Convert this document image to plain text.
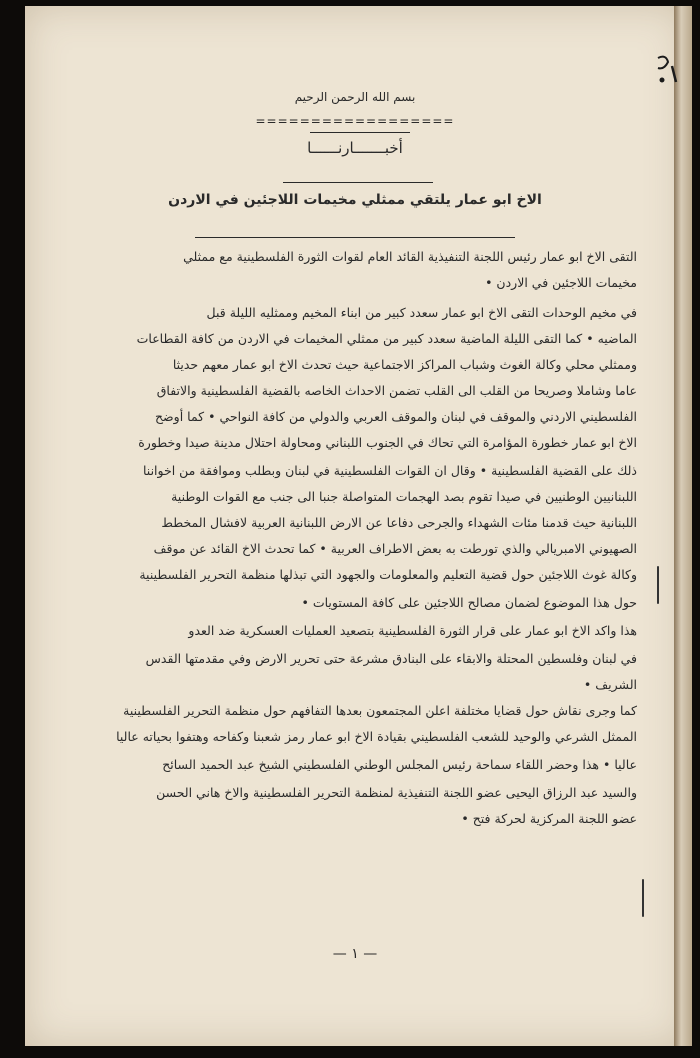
بسم الله الرحمن الرحيم
==================
أخبـــــــارنــــــا
الاخ ابو عمار يلتقي ممثلي مخيمات اللاجئين في الاردن
التقى الاخ ابو عمار رئيس اللجنة التنفيذية القائد العام لقوات الثورة الفلسطينية مع ممثلي
مخيمات اللاجئين في الاردن •
في مخيم الوحدات التقى الاخ ابو عمار سعدد كبير من ابناء المخيم وممثليه الليلة قبل
الماضيه • كما التقى الليلة الماضية سعدد كبير من ممثلي المخيمات في الاردن من كافة القطاعات
وممثلي محلي وكالة الغوث وشباب المراكز الاجتماعية حيث تحدث الاخ ابو عمار معهم حديثا
عاما وشاملا وصريحا من القلب الى القلب تضمن الاحداث الخاصه بالقضية الفلسطينية والاتفاق
الفلسطيني الاردني والموقف في لبنان والموقف العربي والدولي من كافة النواحي • كما أوضح
الاخ ابو عمار خطورة المؤامرة التي تحاك في الجنوب اللبناني ومحاولة احتلال مدينة صيدا وخطورة
ذلك على القضية الفلسطينية • وقال ان القوات الفلسطينية في لبنان وبطلب وموافقة من اخواننا
اللبنانيين الوطنيين في صيدا تقوم بصد الهجمات المتواصلة جنبا الى جنب مع القوات الوطنية
اللبنانية حيث قدمنا مئات الشهداء والجرحى دفاعا عن الارض اللبنانية العربية لافشال المخطط
الصهيوني الامبريالي والذي تورطت به بعض الاطراف العربية • كما تحدث الاخ القائد عن موقف
وكالة غوث اللاجئين حول قضية التعليم والمعلومات والجهود التي تبذلها منظمة التحرير الفلسطينية
حول هذا الموضوع لضمان مصالح اللاجئين على كافة المستويات •
هذا واكد الاخ ابو عمار على قرار الثورة الفلسطينية بتصعيد العمليات العسكرية ضد العدو
في لبنان وفلسطين المحتلة والابقاء على البنادق مشرعة حتى تحرير الارض وفي مقدمتها القدس
الشريف •
كما وجرى نقاش حول قضايا مختلفة اعلن المجتمعون بعدها التفافهم حول منظمة التحرير الفلسطينية
الممثل الشرعي والوحيد للشعب الفلسطيني بقيادة الاخ ابو عمار رمز شعبنا وكفاحه وهتفوا بحياته عاليا
عاليا • هذا وحضر اللقاء سماحة رئيس المجلس الوطني الفلسطيني الشيخ عبد الحميد السائح
والسيد عبد الرزاق اليحيى عضو اللجنة التنفيذية لمنظمة التحرير الفلسطينية والاخ هاني الحسن
عضو اللجنة المركزية لحركة فتح •
— ١ —
